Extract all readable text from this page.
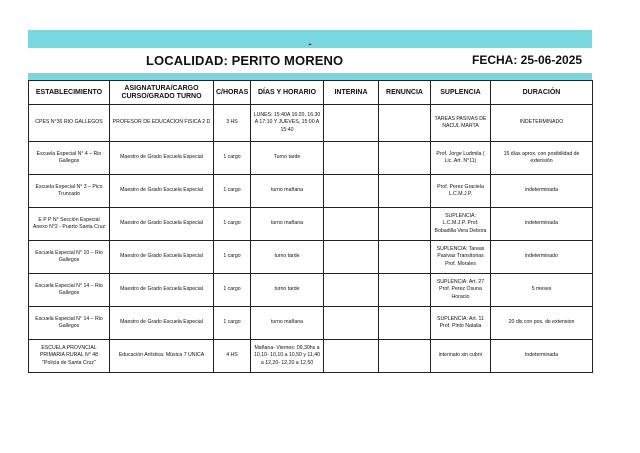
-
LOCALIDAD: PERITO MORENO	FECHA: 25-06-2025
ESTABLECIMIENTO	ASIGNATURA/CARGO CURSO/GRADO TURNO	C/HORAS	DÍAS Y HORARIO	INTERINA	RENUNCIA	SUPLENCIA	DURACIÓN
CPES N°36 RIO GALLEGOS	PROFESOR DE EDUCACION FISICA 2 D	3 HS	LUNES: 15:40A 16:20, 16.30 A 17:10 Y JUEVES, 15:00 A 15:40			TAREAS PASIVAS DE NACUL MARTA	INDETERMINADO
Escuela Especial N° 4 – Rio Gallegos	Maestro de Grado Escuela Especial	1 cargo	Turno tarde			Prof. Jorge Ludmila ( Lic. Art. N°11)	15 días aprox. con posibilidad de extensión
Escuela Especial N° 3 – Pico Truncado	Maestro de Grado Escuela Especial	1 cargo	turno mañana			Prof. Perez Graciela L.C.M.J.P.	indeterminada
E P P N° Sección Especial Anexo N°2 - Puerto Santa Cruz	Maestro de Grado Escuela Especial	1 cargo	turno mañana			SUPLENCIA: L.C.M.J.P. Prof. Bobadilla Vera Debora	indeterminada
Escuela Especial N° 10 – Rio Gallegos	Maestro de Grado Escuela Especial	1 cargo	turno tarde			SUPLENCIA: Tareas Pasivas Transitorias Prof. Morales	indeterminado
Escuela Especial N° 14 – Rio Gallegos	Maestro de Grado Escuela Especial	1 cargo	turno tarde			SUPLENCIA: Art. 27 Prof. Perez Osuna Horacio	5 meses
Escuela Especial N° 14 – Rio Gallegos	Maestro de Grado Escuela Especial	1 cargo	turno mañana			SUPLENCIA: Art. 11 Prof. Pinto Natalia	20 dis con pos, de extension
ESCUELA PROVNCIAL PRIMARIA RURAL N° 48 "Policia de Santa Cruz"	Educación Artística: Música 7 UNICA	4 HS	Mañana- Viernes: 09,30hs a 10,10- 10,10 a 10,50 y 11,40 a 12,20- 12,20 a 12,50			interinato sin cubrir	Indeterminada
